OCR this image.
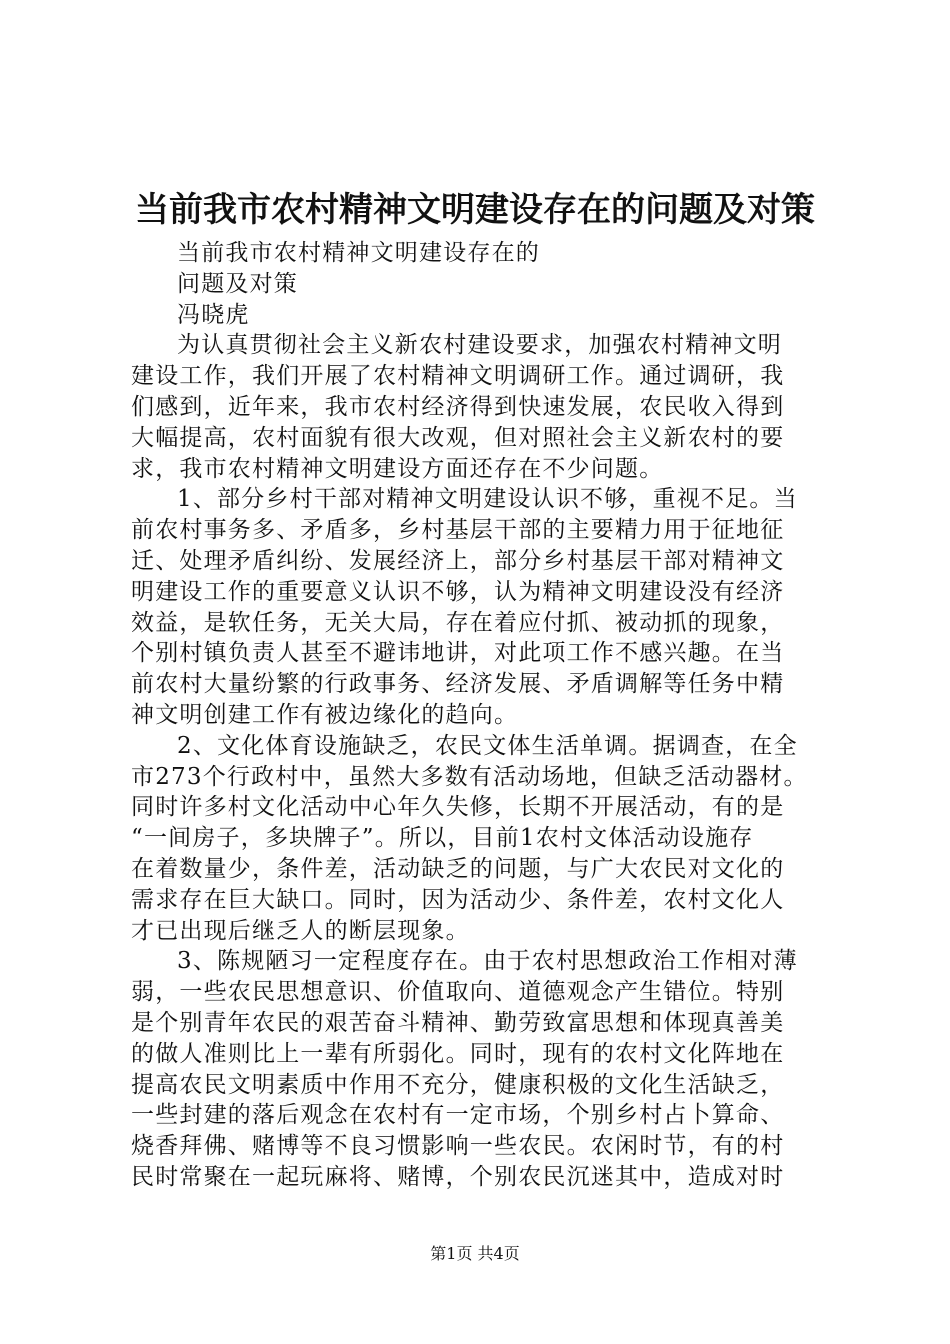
当前我市农村精神文明建设存在的问题及对策

当前我市农村精神文明建设存在的

问题及对策

冯晓虎

为认真贯彻社会主义新农村建设要求，加强农村精神文明

建设工作，我们开展了农村精神文明调研工作。通过调研，我

们感到，近年来，我市农村经济得到快速发展，农民收入得到

大幅提高，农村面貌有很大改观，但对照社会主义新农村的要

求，我市农村精神文明建设方面还存在不少问题。

1、部分乡村干部对精神文明建设认识不够，重视不足。当

前农村事务多、矛盾多，乡村基层干部的主要精力用于征地征

迁、处理矛盾纠纷、发展经济上，部分乡村基层干部对精神文

明建设工作的重要意义认识不够，认为精神文明建设没有经济

效益，是软任务，无关大局，存在着应付抓、被动抓的现象，

个别村镇负责人甚至不避讳地讲，对此项工作不感兴趣。在当

前农村大量纷繁的行政事务、经济发展、矛盾调解等任务中精

神文明创建工作有被边缘化的趋向。

2、文化体育设施缺乏，农民文体生活单调。据调查，在全

市273个行政村中，虽然大多数有活动场地，但缺乏活动器材。

同时许多村文化活动中心年久失修，长期不开展活动，有的是

“一间房子，多块牌子”。所以，目前1农村文体活动设施存

在着数量少，条件差，活动缺乏的问题，与广大农民对文化的

需求存在巨大缺口。同时，因为活动少、条件差，农村文化人

才已出现后继乏人的断层现象。

3、陈规陋习一定程度存在。由于农村思想政治工作相对薄

弱，一些农民思想意识、价值取向、道德观念产生错位。特别

是个别青年农民的艰苦奋斗精神、勤劳致富思想和体现真善美

的做人准则比上一辈有所弱化。同时，现有的农村文化阵地在

提高农民文明素质中作用不充分，健康积极的文化生活缺乏，

一些封建的落后观念在农村有一定市场，个别乡村占卜算命、

烧香拜佛、赌博等不良习惯影响一些农民。农闲时节，有的村

民时常聚在一起玩麻将、赌博，个别农民沉迷其中，造成对时

第1页 共4页
